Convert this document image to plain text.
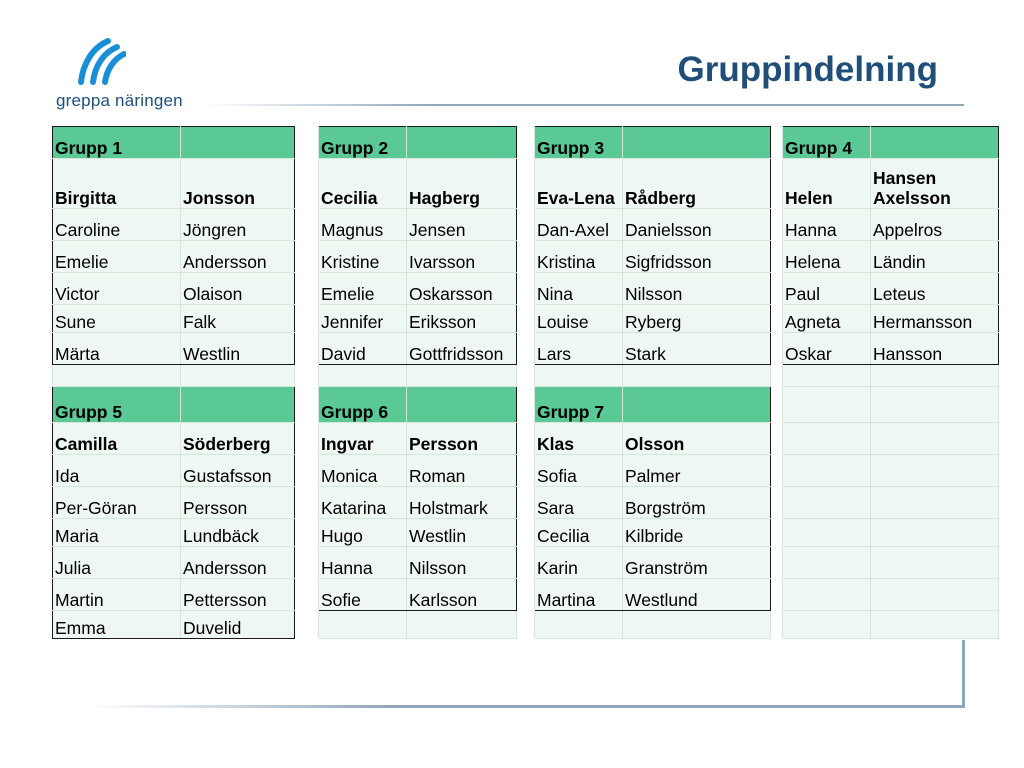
greppa näringen
Gruppindelning
Grupp 1			Grupp 2			Grupp 3			Grupp 4	
Birgitta	Jonsson		Cecilia	Hagberg		Eva-Lena	Rådberg		Helen	Hansen Axelsson
Caroline	Jöngren		Magnus	Jensen		Dan-Axel	Danielsson		Hanna	Appelros
Emelie	Andersson		Kristine	Ivarsson		Kristina	Sigfridsson		Helena	Ländin
Victor	Olaison		Emelie	Oskarsson		Nina	Nilsson		Paul	Leteus
Sune	Falk		Jennifer	Eriksson		Louise	Ryberg		Agneta	Hermansson
Märta	Westlin		David	Gottfridsson		Lars	Stark		Oskar	Hansson

Grupp 5			Grupp 6			Grupp 7				
Camilla	Söderberg		Ingvar	Persson		Klas	Olsson			
Ida	Gustafsson		Monica	Roman		Sofia	Palmer			
Per-Göran	Persson		Katarina	Holstmark		Sara	Borgström			
Maria	Lundbäck		Hugo	Westlin		Cecilia	Kilbride			
Julia	Andersson		Hanna	Nilsson		Karin	Granström			
Martin	Pettersson		Sofie	Karlsson		Martina	Westlund			
Emma	Duvelid									
